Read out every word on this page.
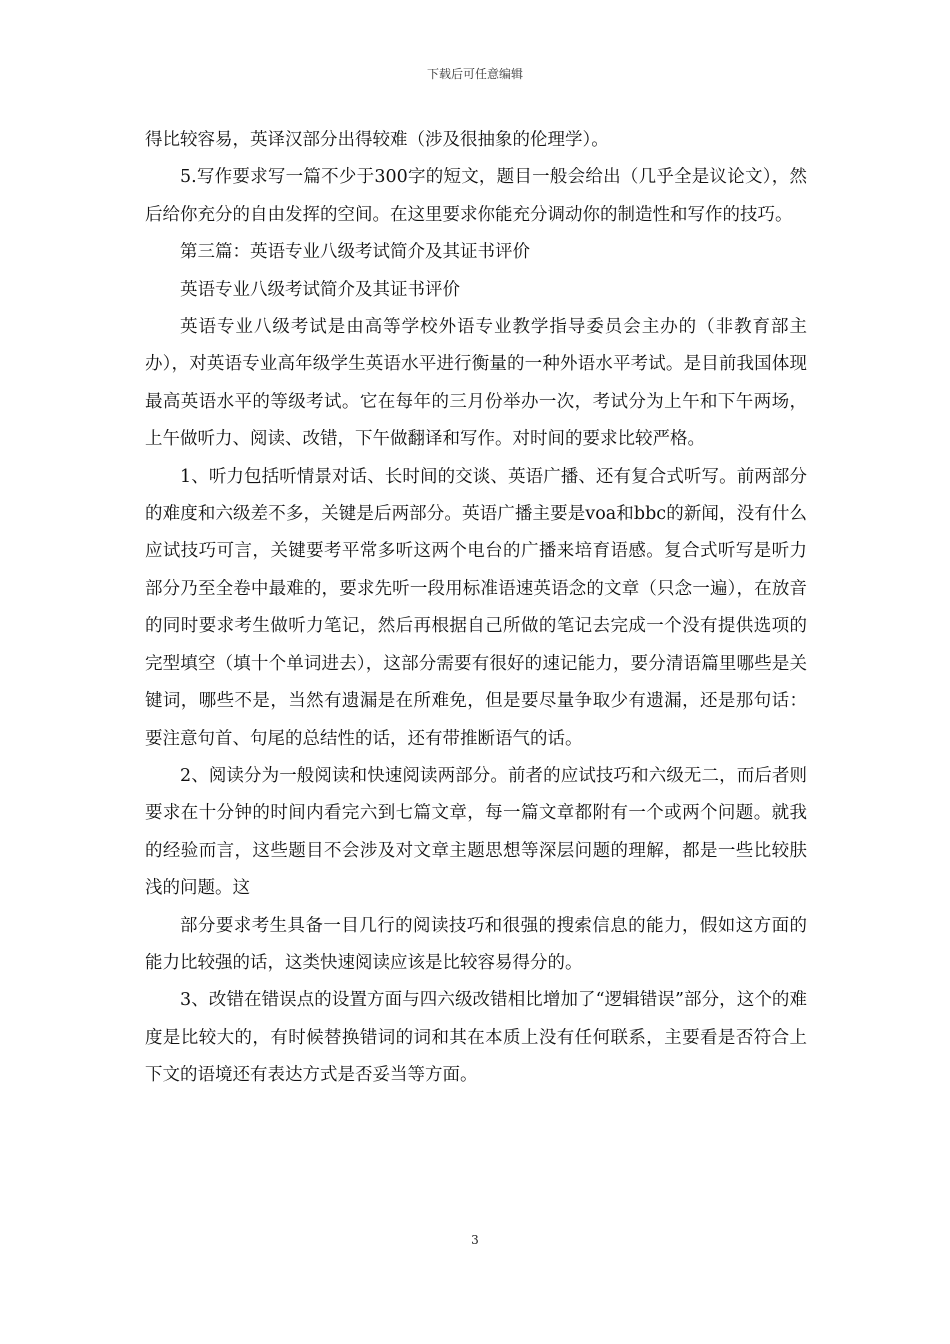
下载后可任意编辑

得比较容易，英译汉部分出得较难（涉及很抽象的伦理学）。

5.写作要求写一篇不少于300字的短文，题目一般会给出（几乎全是议论文），然后给你充分的自由发挥的空间。在这里要求你能充分调动你的制造性和写作的技巧。

第三篇：英语专业八级考试简介及其证书评价

英语专业八级考试简介及其证书评价

英语专业八级考试是由高等学校外语专业教学指导委员会主办的（非教育部主办），对英语专业高年级学生英语水平进行衡量的一种外语水平考试。是目前我国体现最高英语水平的等级考试。它在每年的三月份举办一次，考试分为上午和下午两场，上午做听力、阅读、改错，下午做翻译和写作。对时间的要求比较严格。

1、听力包括听情景对话、长时间的交谈、英语广播、还有复合式听写。前两部分的难度和六级差不多，关键是后两部分。英语广播主要是voa和bbc的新闻，没有什么应试技巧可言，关键要考平常多听这两个电台的广播来培育语感。复合式听写是听力部分乃至全卷中最难的，要求先听一段用标准语速英语念的文章（只念一遍），在放音的同时要求考生做听力笔记，然后再根据自己所做的笔记去完成一个没有提供选项的完型填空（填十个单词进去），这部分需要有很好的速记能力，要分清语篇里哪些是关键词，哪些不是，当然有遗漏是在所难免，但是要尽量争取少有遗漏，还是那句话：要注意句首、句尾的总结性的话，还有带推断语气的话。

2、阅读分为一般阅读和快速阅读两部分。前者的应试技巧和六级无二，而后者则要求在十分钟的时间内看完六到七篇文章，每一篇文章都附有一个或两个问题。就我的经验而言，这些题目不会涉及对文章主题思想等深层问题的理解，都是一些比较肤浅的问题。这

部分要求考生具备一目几行的阅读技巧和很强的搜索信息的能力，假如这方面的能力比较强的话，这类快速阅读应该是比较容易得分的。

3、改错在错误点的设置方面与四六级改错相比增加了“逻辑错误”部分，这个的难度是比较大的，有时候替换错词的词和其在本质上没有任何联系，主要看是否符合上下文的语境还有表达方式是否妥当等方面。

3
